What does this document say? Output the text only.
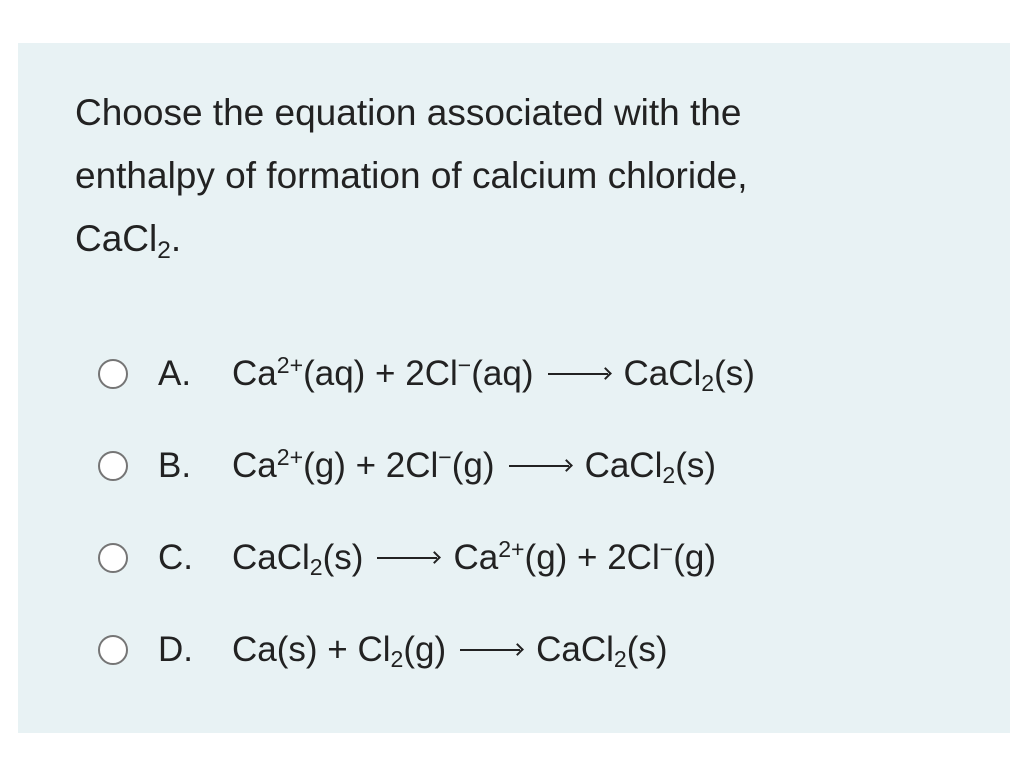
Choose the equation associated with the
enthalpy of formation of calcium chloride,
CaCl$_2$.
A.	$Ca^{2+}(aq) + 2Cl^-(aq)$ → CaCl$_2$(s)
B.	$Ca^{2+}(g) + 2Cl^-(g)$ → CaCl$_2$(s)
C.	CaCl$_2$(s) → $Ca^{2+}(g) + 2Cl^-(g)$
D.	$Ca(s) + Cl_2(g)$ → CaCl$_2$(s)
